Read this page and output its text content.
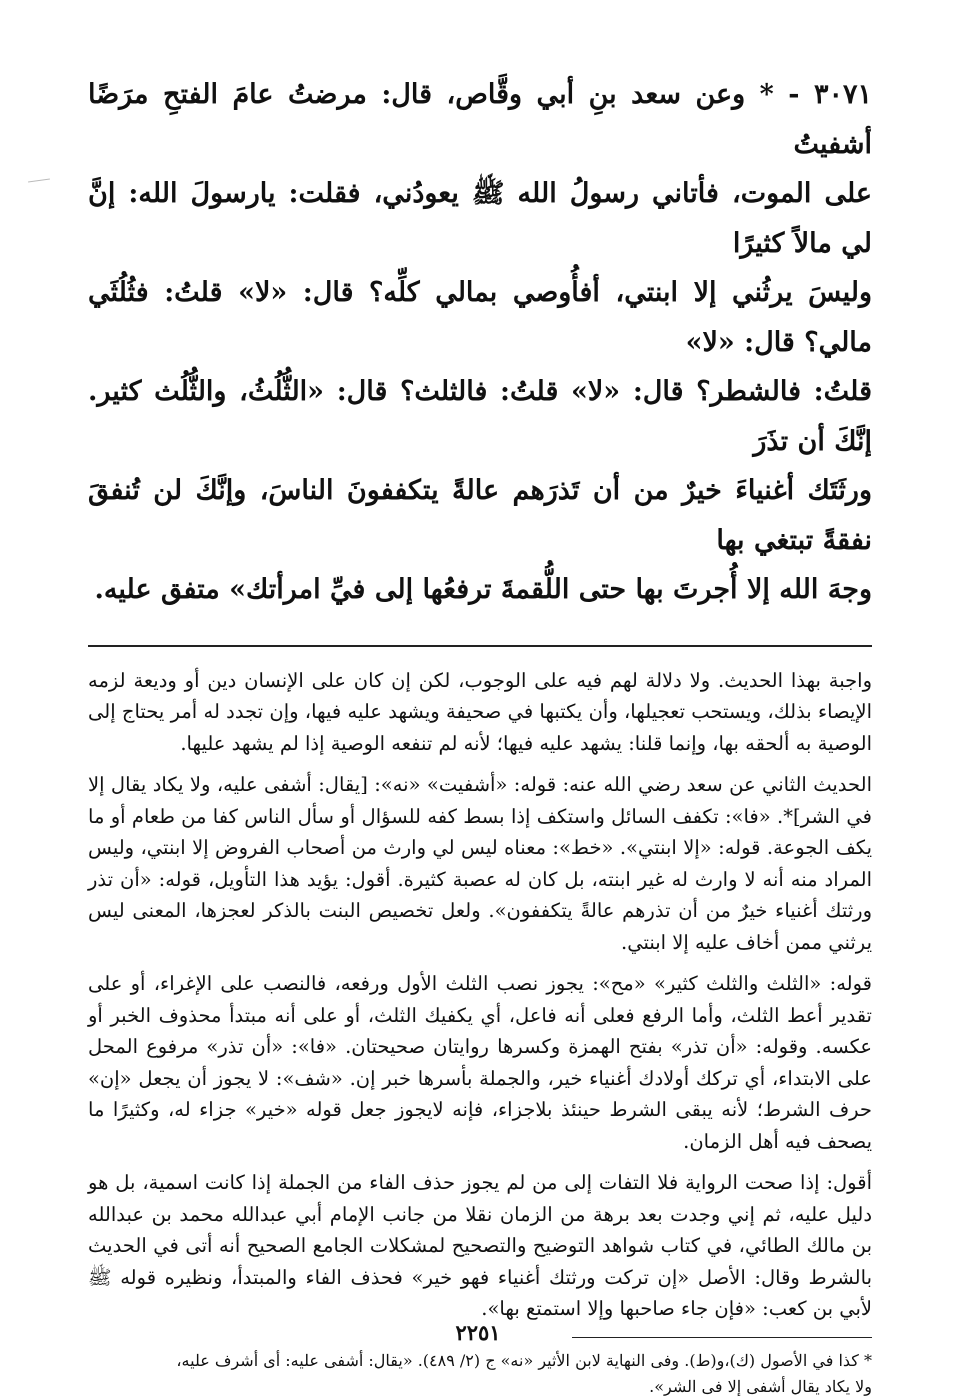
٣٠٧١ - * وعن سعد بنِ أبي وقَّاص، قال: مرضتُ عامَ الفتحِ مرَضًا أشفيتُ

على الموت، فأتاني رسولُ الله ﷺ يعودُني، فقلت: يارسولَ الله: إنَّ لي مالاً كثيرًا

وليسَ يرثُني إلا ابنتي، أفأُوصي بمالي كلِّه؟ قال: «لا» قلتُ: فثُلُثَي مالي؟ قال: «لا»

قلتُ: فالشطر؟ قال: «لا» قلتُ: فالثلث؟ قال: «الثُّلُثُ، والثُّلُث كثير. إنَّكَ أن تذَرَ

ورثَتَك أغنياءَ خيرٌ من أن تَذرَهم عالةً يتكففونَ الناسَ، وإنَّكَ لن تُنفقَ نفقةً تبتغي بها

وجهَ الله إلا أُجرتَ بها حتى اللُّقمةَ ترفعُها إلى فيِّ امرأتك» متفق عليه.

واجبة بهذا الحديث. ولا دلالة لهم فيه على الوجوب، لكن إن كان على الإنسان دين أو وديعة لزمه الإيصاء بذلك، ويستحب تعجيلها، وأن يكتبها في صحيفة ويشهد عليه فيها، وإن تجدد له أمر يحتاج إلى الوصية به ألحقه بها، وإنما قلنا: يشهد عليه فيها؛ لأنه لم تنفعه الوصية إذا لم يشهد عليها.

الحديث الثاني عن سعد رضي الله عنه: قوله: «أشفيت» «نه»: [يقال: أشفى عليه، ولا يكاد يقال إلا في الشر]*. «فا»: تكفف السائل واستكف إذا بسط كفه للسؤال أو سأل الناس كفا من طعام أو ما يكف الجوعة. قوله: «إلا ابنتي». «خط»: معناه ليس لي وارث من أصحاب الفروض إلا ابنتي، وليس المراد منه أنه لا وارث له غير ابنته، بل كان له عصبة كثيرة. أقول: يؤيد هذا التأويل، قوله: «أن تذر ورثتك أغنياء خيرٌ من أن تذرهم عالةً يتكففون». ولعل تخصيص البنت بالذكر لعجزها، المعنى ليس يرثني ممن أخاف عليه إلا ابنتي.

قوله: «الثلث والثلث كثير» «مح»: يجوز نصب الثلث الأول ورفعه، فالنصب على الإغراء، أو على تقدير أعط الثلث، وأما الرفع فعلى أنه فاعل، أي يكفيك الثلث، أو على أنه مبتدأ محذوف الخبر أو عكسه. وقوله: «أن تذر» بفتح الهمزة وكسرها روايتان صحيحتان. «فا»: «أن تذر» مرفوع المحل على الابتداء، أي تركك أولادك أغنياء خير، والجملة بأسرها خبر إن. «شف»: لا يجوز أن يجعل «إن» حرف الشرط؛ لأنه يبقى الشرط حينئذ بلاجزاء، فإنه لايجوز جعل قوله «خير» جزاء له، وكثيرًا ما يصحف فيه أهل الزمان.

أقول: إذا صحت الرواية فلا التفات إلى من لم يجوز حذف الفاء من الجملة إذا كانت اسمية، بل هو دليل عليه، ثم إني وجدت بعد برهة من الزمان نقلا من جانب الإمام أبي عبدالله محمد بن عبدالله بن مالك الطائي، في كتاب شواهد التوضيح والتصحيح لمشكلات الجامع الصحيح أنه أتى في الحديث بالشرط وقال: الأصل «إن تركت ورثتك أغنياء فهو خير» فحذف الفاء والمبتدأ، ونظيره قوله ﷺ لأبي بن كعب: «فإن جاء صاحبها وإلا استمتع بها».

* كذا في الأصول (ك)،و(ط). وفى النهاية لابن الأثير «نه» ج (٢/ ٤٨٩). «يقال: أشفى عليه: أى أشرف عليه،

ولا يكاد يقال أشفى إلا فى الشر».

٢٢٥١
